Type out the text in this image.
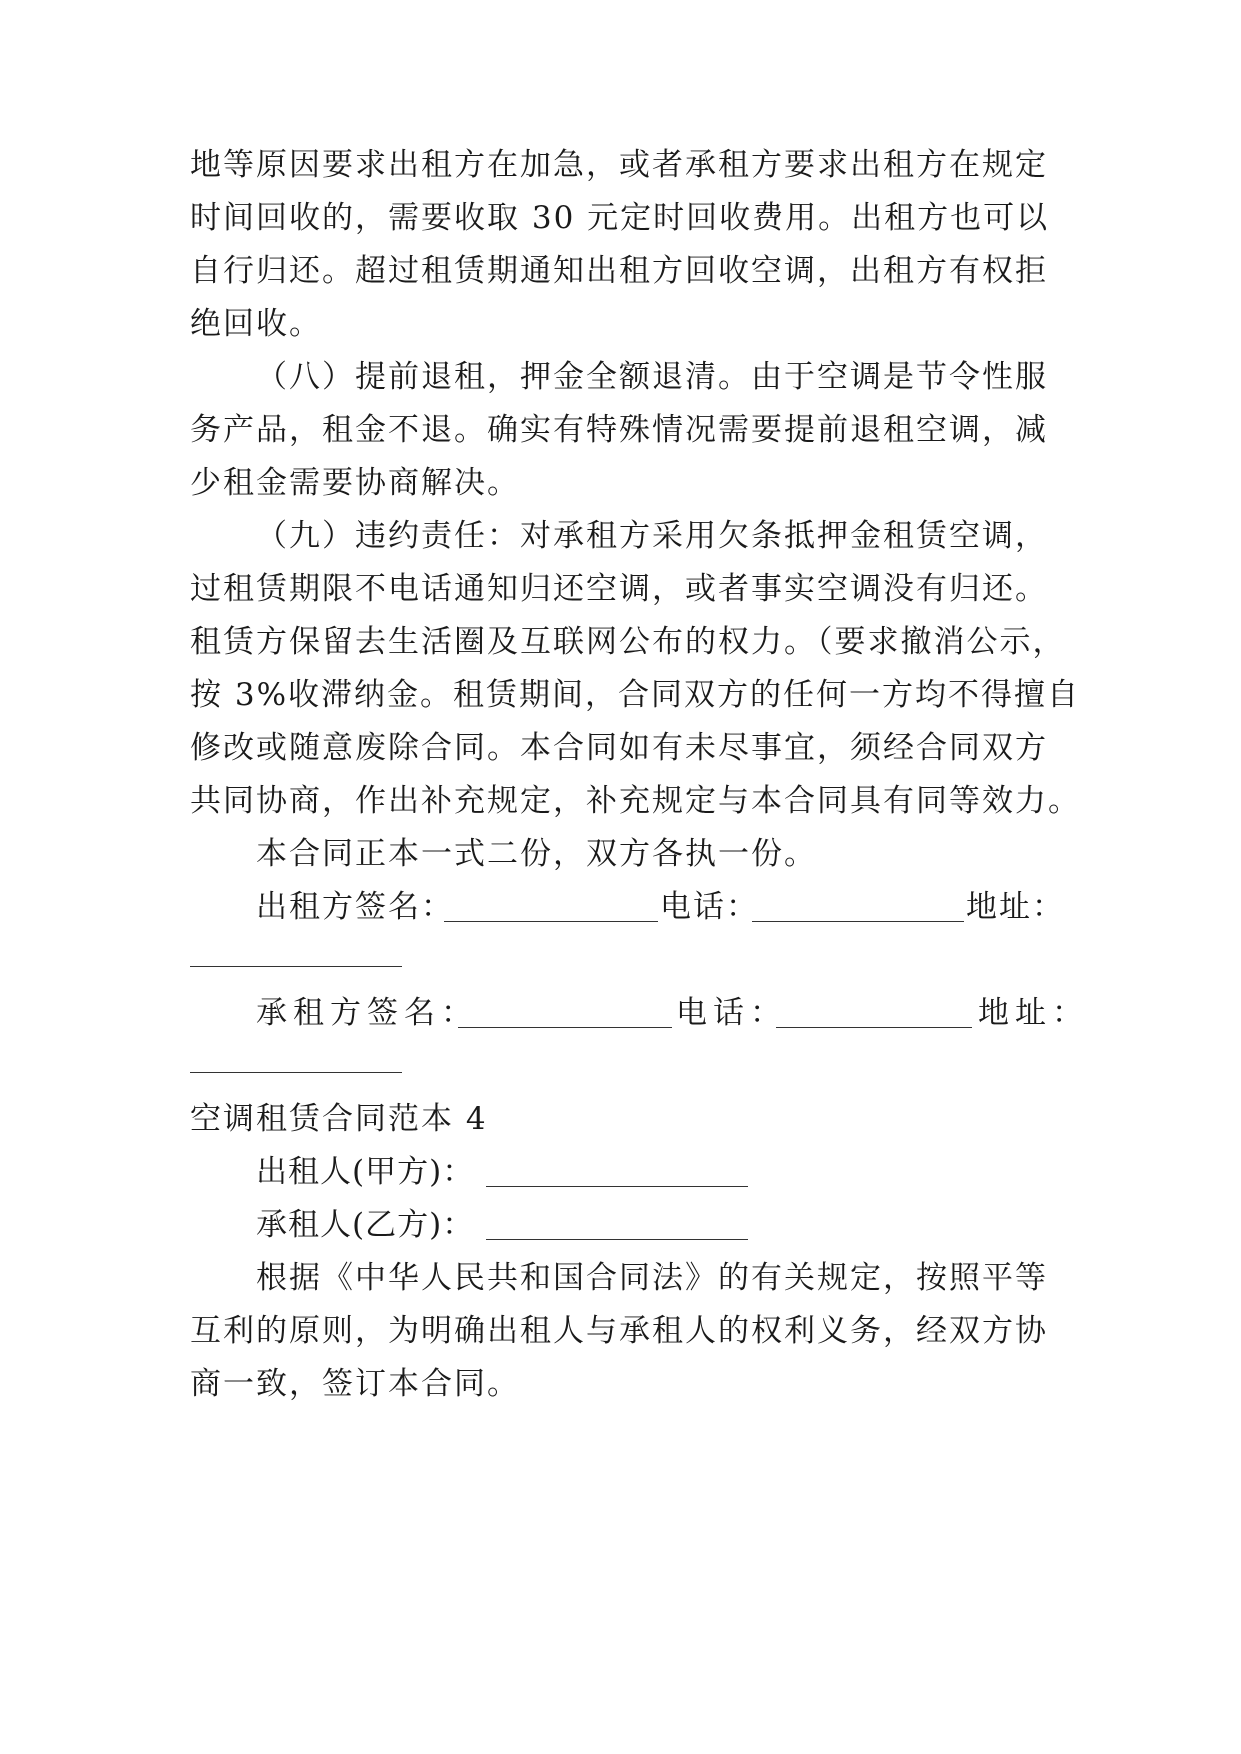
地等原因要求出租方在加急，或者承租方要求出租方在规定
时间回收的，需要收取 30 元定时回收费用。出租方也可以
自行归还。超过租赁期通知出租方回收空调，出租方有权拒
绝回收。
（八）提前退租，押金全额退清。由于空调是节令性服
务产品，租金不退。确实有特殊情况需要提前退租空调，减
少租金需要协商解决。
（九）违约责任：对承租方采用欠条抵押金租赁空调，
过租赁期限不电话通知归还空调，或者事实空调没有归还。
租赁方保留去生活圈及互联网公布的权力。（要求撤消公示，
按 3%收滞纳金。租赁期间，合同双方的任何一方均不得擅自
修改或随意废除合同。本合同如有未尽事宜，须经合同双方
共同协商，作出补充规定，补充规定与本合同具有同等效力。
本合同正本一式二份，双方各执一份。
出租方签名：	电话：	地址：
承租方签名：	电话：	地址：
空调租赁合同范本 4
出租人(甲方)：
承租人(乙方)：
根据《中华人民共和国合同法》的有关规定，按照平等
互利的原则，为明确出租人与承租人的权利义务，经双方协
商一致，签订本合同。
